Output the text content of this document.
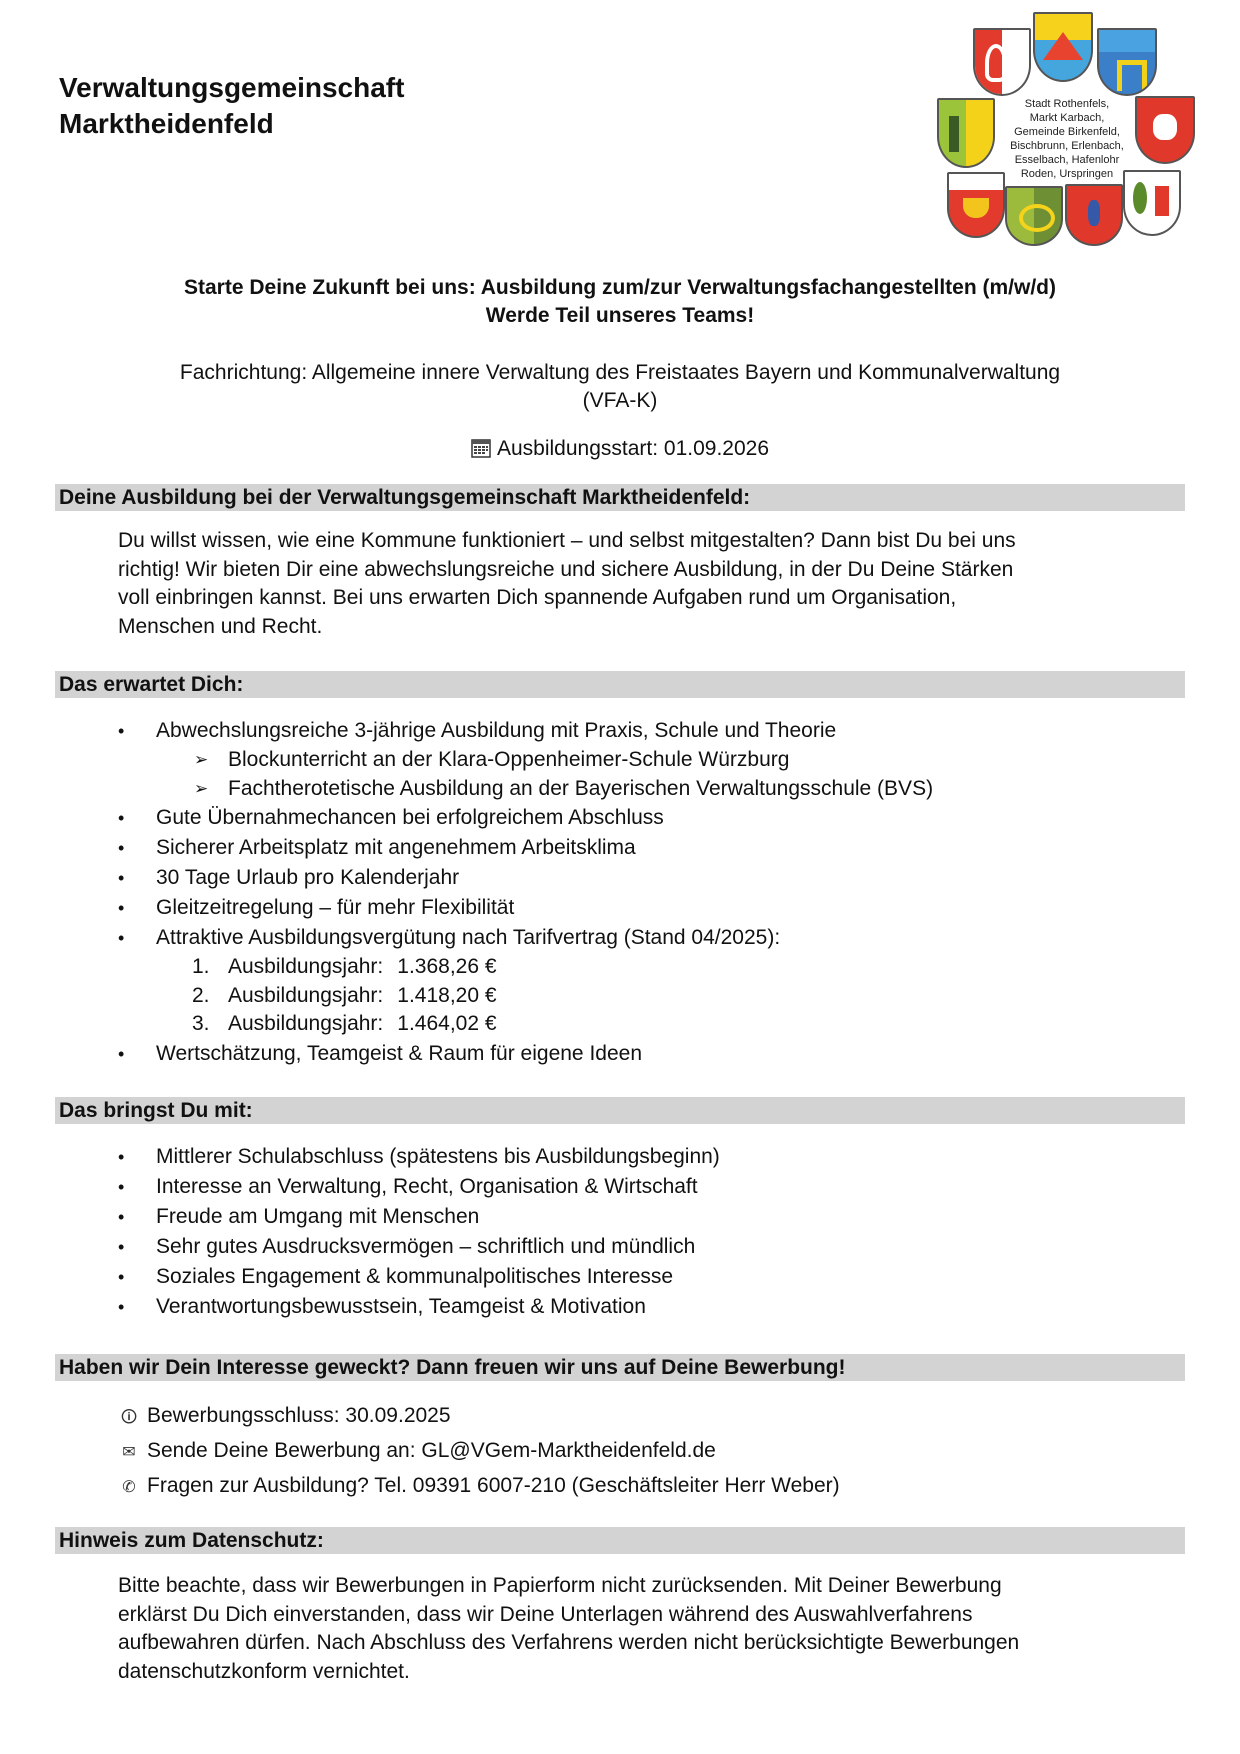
Verwaltungsgemeinschaft
Marktheidenfeld
Stadt Rothenfels,
Markt Karbach,
Gemeinde Birkenfeld,
Bischbrunn, Erlenbach,
Esselbach, Hafenlohr
Roden, Urspringen
Starte Deine Zukunft bei uns: Ausbildung zum/zur Verwaltungsfachangestellten (m/w/d)
Werde Teil unseres Teams!
Fachrichtung: Allgemeine innere Verwaltung des Freistaates Bayern und Kommunalverwaltung
(VFA-K)
Ausbildungsstart: 01.09.2026
Deine Ausbildung bei der Verwaltungsgemeinschaft Marktheidenfeld:
Du willst wissen, wie eine Kommune funktioniert – und selbst mitgestalten? Dann bist Du bei uns
richtig! Wir bieten Dir eine abwechslungsreiche und sichere Ausbildung, in der Du Deine Stärken
voll einbringen kannst. Bei uns erwarten Dich spannende Aufgaben rund um Organisation,
Menschen und Recht.
Das erwartet Dich:
• Abwechslungsreiche 3-jährige Ausbildung mit Praxis, Schule und Theorie
➢ Blockunterricht an der Klara-Oppenheimer-Schule Würzburg
➢ Fachtherotetische Ausbildung an der Bayerischen Verwaltungsschule (BVS)
• Gute Übernahmechancen bei erfolgreichem Abschluss
• Sicherer Arbeitsplatz mit angenehmem Arbeitsklima
• 30 Tage Urlaub pro Kalenderjahr
• Gleitzeitregelung – für mehr Flexibilität
• Attraktive Ausbildungsvergütung nach Tarifvertrag (Stand 04/2025):
1. Ausbildungsjahr: 1.368,26 €
2. Ausbildungsjahr: 1.418,20 €
3. Ausbildungsjahr: 1.464,02 €
• Wertschätzung, Teamgeist & Raum für eigene Ideen
Das bringst Du mit:
• Mittlerer Schulabschluss (spätestens bis Ausbildungsbeginn)
• Interesse an Verwaltung, Recht, Organisation & Wirtschaft
• Freude am Umgang mit Menschen
• Sehr gutes Ausdrucksvermögen – schriftlich und mündlich
• Soziales Engagement & kommunalpolitisches Interesse
• Verantwortungsbewusstsein, Teamgeist & Motivation
Haben wir Dein Interesse geweckt? Dann freuen wir uns auf Deine Bewerbung!
🛈 Bewerbungsschluss: 30.09.2025
✉ Sende Deine Bewerbung an: GL@VGem-Marktheidenfeld.de
✆ Fragen zur Ausbildung? Tel. 09391 6007-210 (Geschäftsleiter Herr Weber)
Hinweis zum Datenschutz:
Bitte beachte, dass wir Bewerbungen in Papierform nicht zurücksenden. Mit Deiner Bewerbung
erklärst Du Dich einverstanden, dass wir Deine Unterlagen während des Auswahlverfahrens
aufbewahren dürfen. Nach Abschluss des Verfahrens werden nicht berücksichtigte Bewerbungen
datenschutzkonform vernichtet.
